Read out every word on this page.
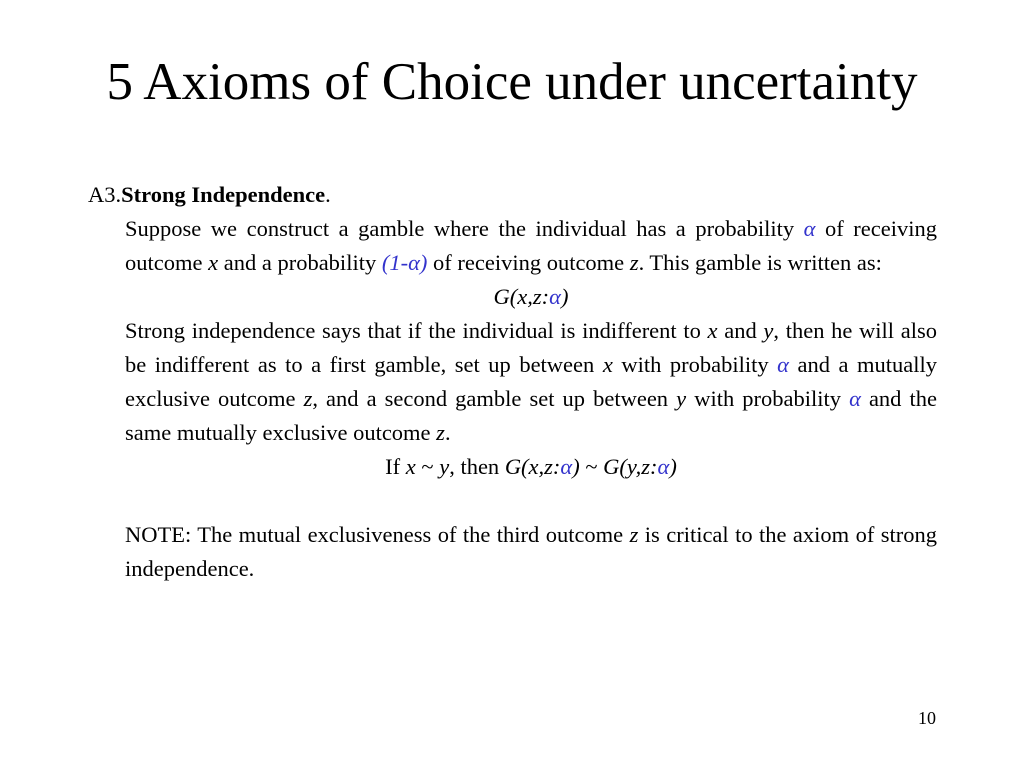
5 Axioms of Choice under uncertainty

A3.Strong Independence.

Suppose we construct a gamble where the individual has a probability α of receiving outcome x and a probability (1-α) of receiving outcome z. This gamble is written as:

G(x,z:α)

Strong independence says that if the individual is indifferent to x and y, then he will also be indifferent as to a first gamble, set up between x with probability α and a mutually exclusive outcome z, and a second gamble set up between y with probability α and the same mutually exclusive outcome z.

If x ~ y, then G(x,z:α) ~ G(y,z:α)

NOTE: The mutual exclusiveness of the third outcome z is critical to the axiom of strong independence.

10
